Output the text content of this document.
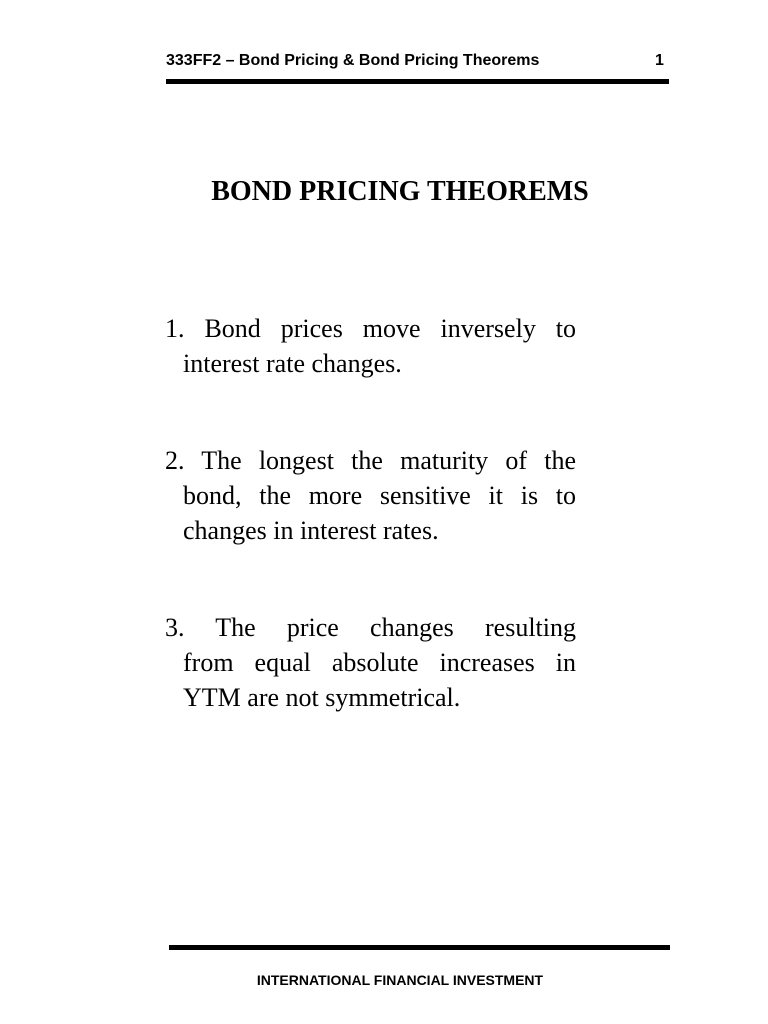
333FF2 – Bond Pricing & Bond Pricing Theorems	1
BOND PRICING THEOREMS
1. Bond prices move inversely to
interest rate changes.
2. The longest the maturity of the
bond, the more sensitive it is to
changes in interest rates.
3. The price changes resulting
from equal absolute increases in
YTM are not symmetrical.
INTERNATIONAL FINANCIAL INVESTMENT
